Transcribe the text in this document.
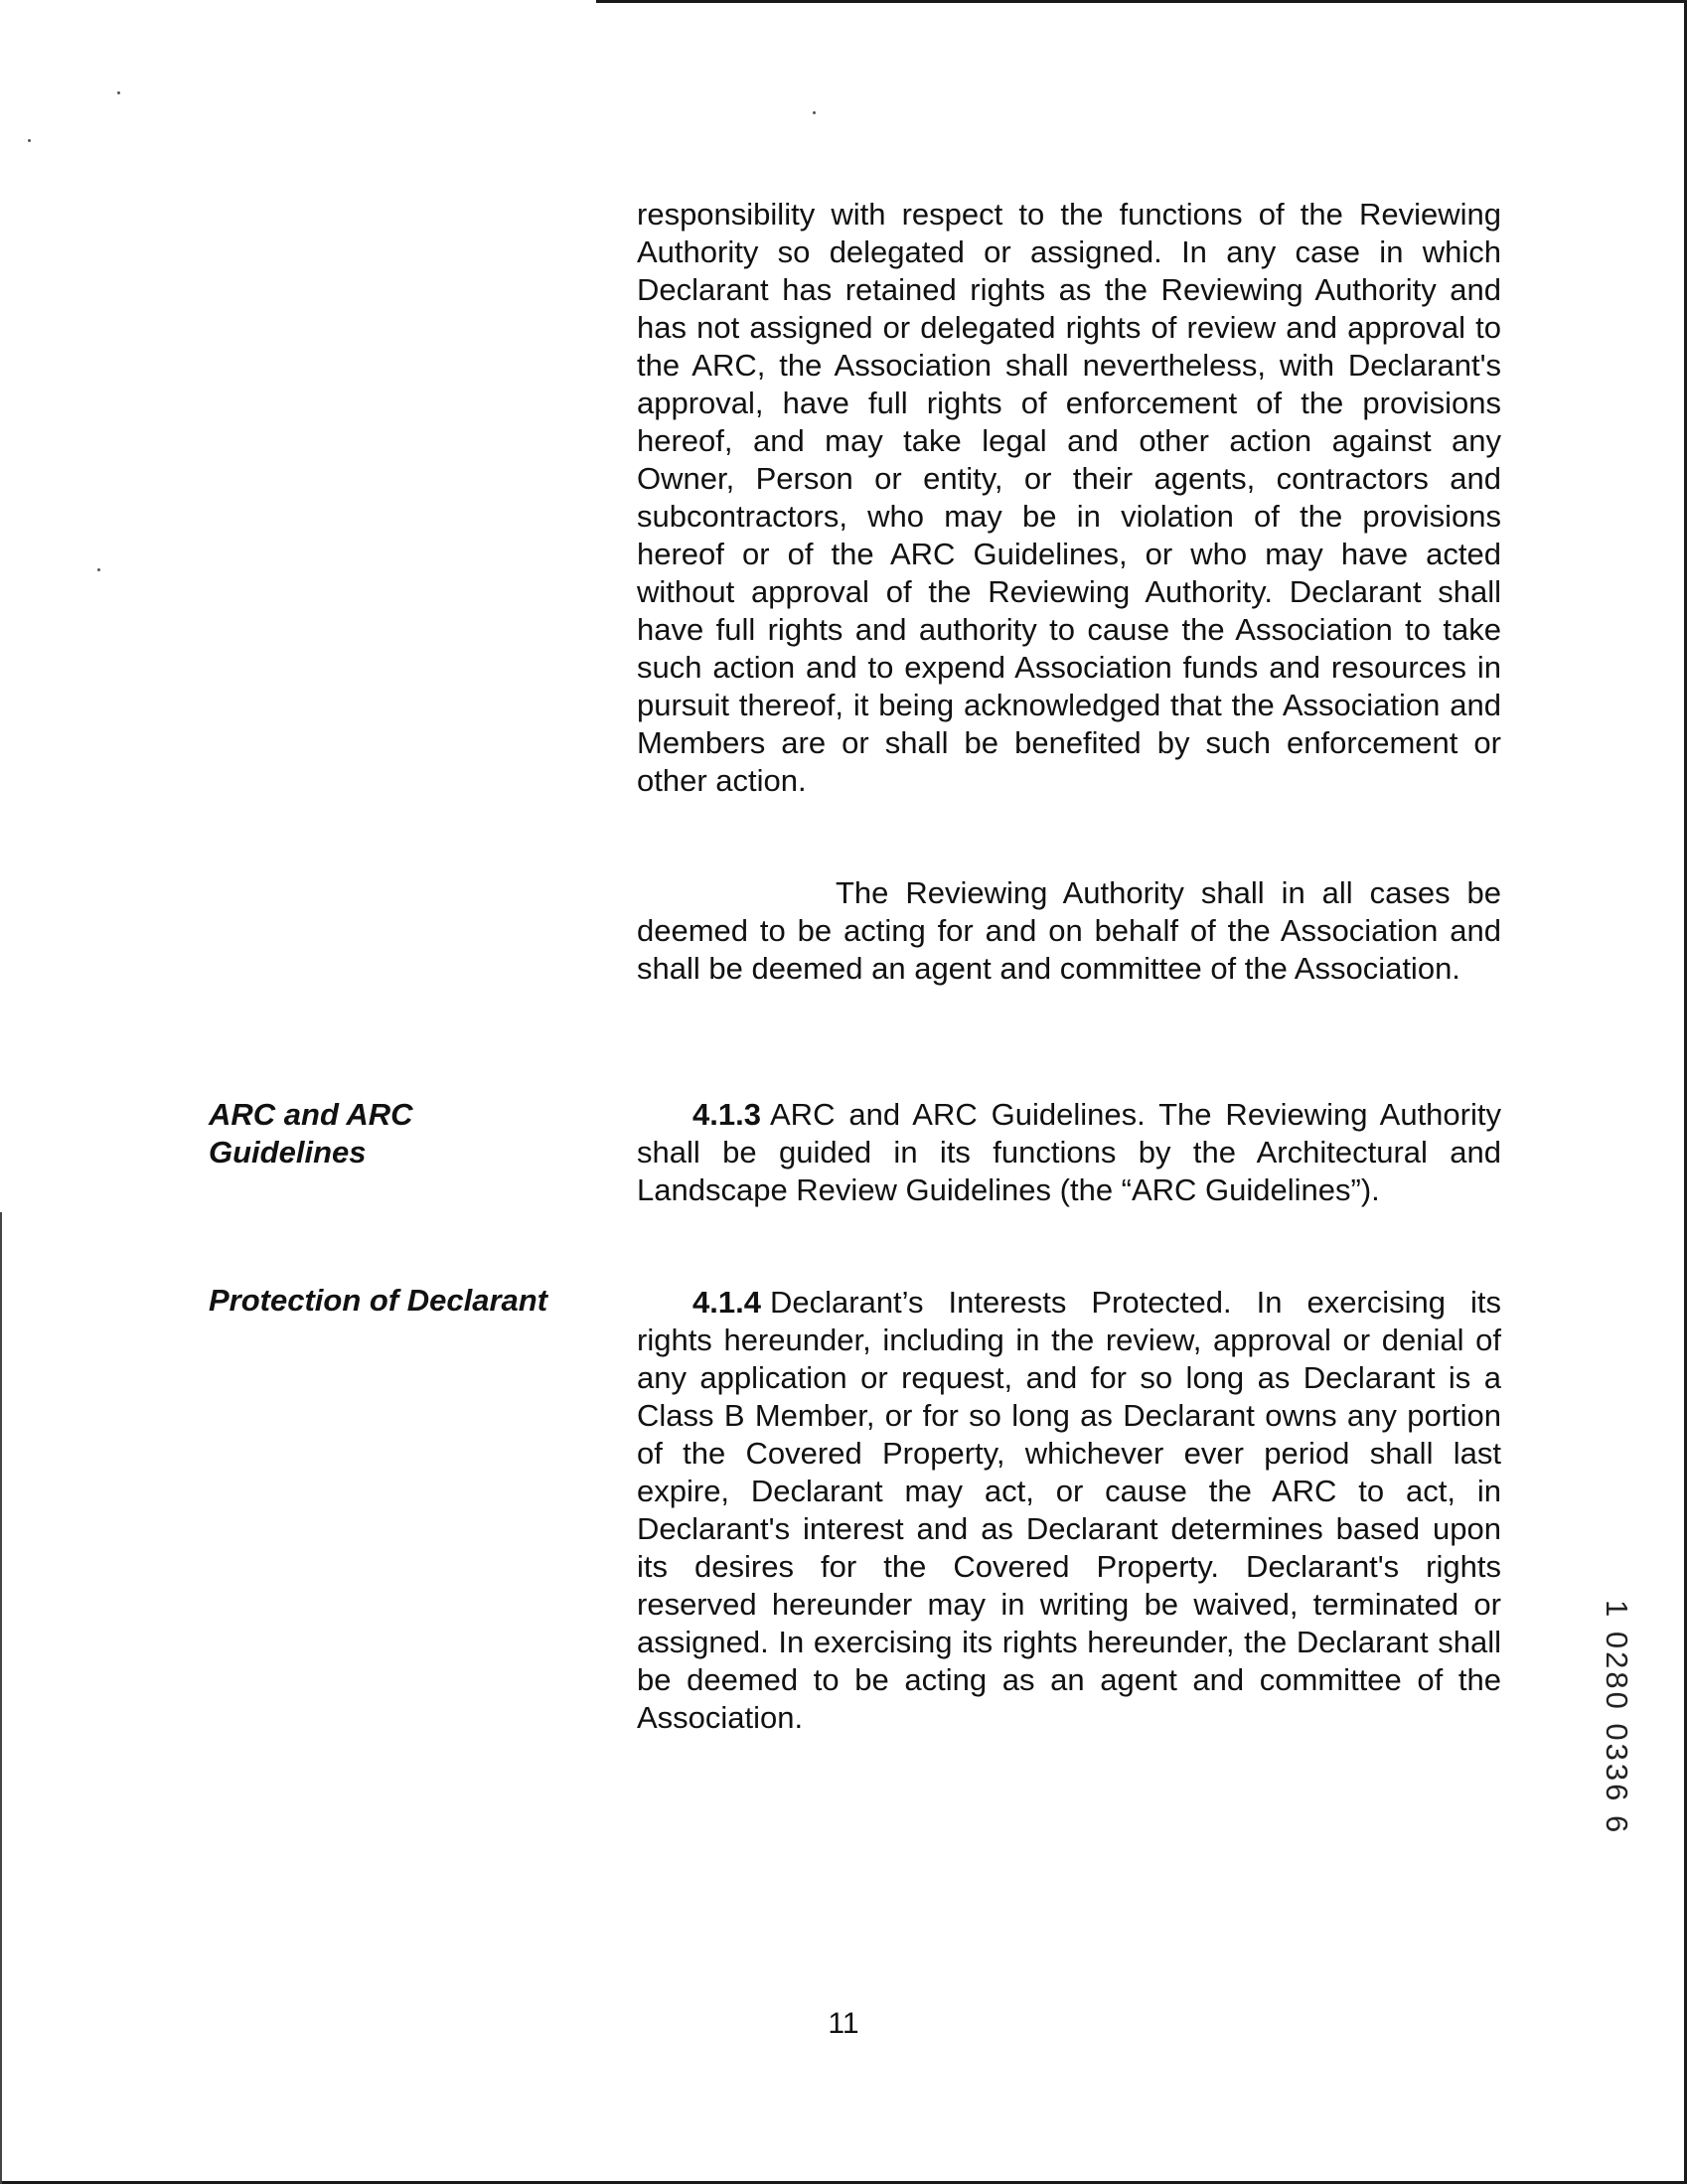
responsibility with respect to the functions of the Reviewing Authority so delegated or assigned. In any case in which Declarant has retained rights as the Reviewing Authority and has not assigned or delegated rights of review and approval to the ARC, the Association shall nevertheless, with Declarant's approval, have full rights of enforcement of the provisions hereof, and may take legal and other action against any Owner, Person or entity, or their agents, contractors and subcontractors, who may be in violation of the provisions hereof or of the ARC Guidelines, or who may have acted without approval of the Reviewing Authority. Declarant shall have full rights and authority to cause the Association to take such action and to expend Association funds and resources in pursuit thereof, it being acknowledged that the Association and Members are or shall be benefited by such enforcement or other action.

The Reviewing Authority shall in all cases be deemed to be acting for and on behalf of the Association and shall be deemed an agent and committee of the Association.

ARC and ARC Guidelines

4.1.3 ARC and ARC Guidelines. The Reviewing Authority shall be guided in its functions by the Architectural and Landscape Review Guidelines (the “ARC Guidelines”).

Protection of Declarant	4.1.4 Declarant’s Interests Protected. In exercising its rights hereunder, including in the review, approval or denial of any application or request, and for so long as Declarant is a Class B Member, or for so long as Declarant owns any portion of the Covered Property, whichever ever period shall last expire, Declarant may act, or cause the ARC to act, in Declarant's interest and as Declarant determines based upon its desires for the Covered Property. Declarant's rights reserved hereunder may in writing be waived, terminated or assigned. In exercising its rights hereunder, the Declarant shall be deemed to be acting as an agent and committee of the Association.

11
1 0280 0336 6
